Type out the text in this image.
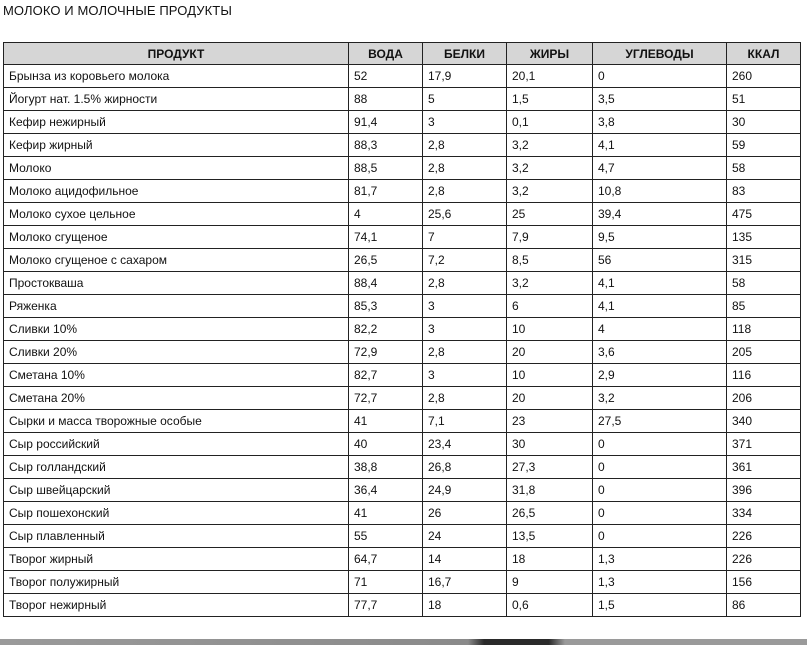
МОЛОКО И МОЛОЧНЫЕ ПРОДУКТЫ
ПРОДУКТ	ВОДА	БЕЛКИ	ЖИРЫ	УГЛЕВОДЫ	ККАЛ
Брынза из коровьего молока	52	17,9	20,1	0	260
Йогурт нат. 1.5% жирности	88	5	1,5	3,5	51
Кефир нежирный	91,4	3	0,1	3,8	30
Кефир жирный	88,3	2,8	3,2	4,1	59
Молоко	88,5	2,8	3,2	4,7	58
Молоко ацидофильное	81,7	2,8	3,2	10,8	83
Молоко сухое цельное	4	25,6	25	39,4	475
Молоко сгущеное	74,1	7	7,9	9,5	135
Молоко сгущеное с сахаром	26,5	7,2	8,5	56	315
Простокваша	88,4	2,8	3,2	4,1	58
Ряженка	85,3	3	6	4,1	85
Сливки 10%	82,2	3	10	4	118
Сливки 20%	72,9	2,8	20	3,6	205
Сметана 10%	82,7	3	10	2,9	116
Сметана 20%	72,7	2,8	20	3,2	206
Сырки и масса творожные особые	41	7,1	23	27,5	340
Сыр российский	40	23,4	30	0	371
Сыр голландский	38,8	26,8	27,3	0	361
Сыр швейцарский	36,4	24,9	31,8	0	396
Сыр пошехонский	41	26	26,5	0	334
Сыр плавленный	55	24	13,5	0	226
Творог жирный	64,7	14	18	1,3	226
Творог полужирный	71	16,7	9	1,3	156
Творог нежирный	77,7	18	0,6	1,5	86
